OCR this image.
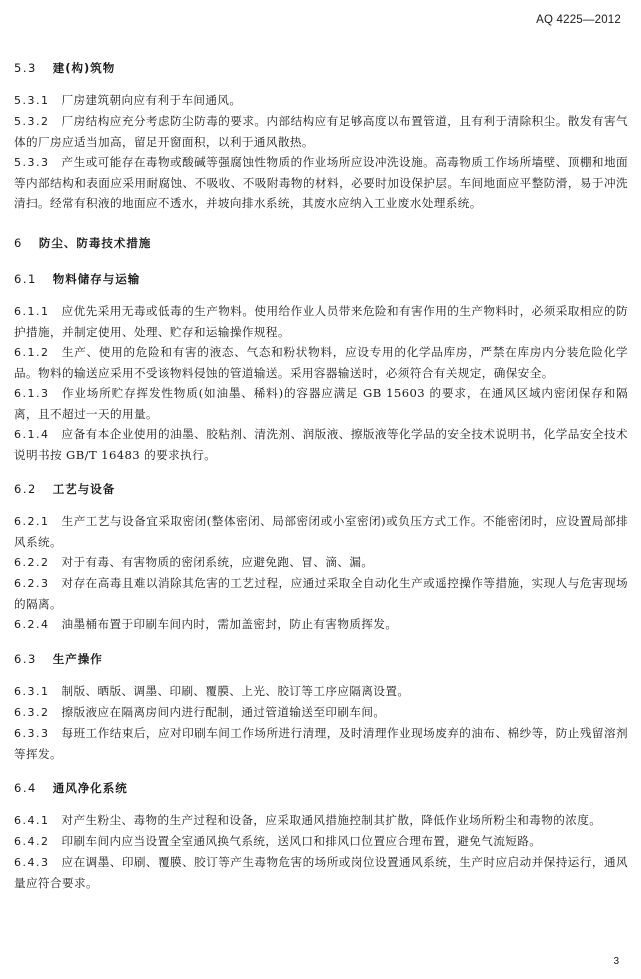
AQ 4225—2012
5.3 建(构)筑物

5.3.1 厂房建筑朝向应有利于车间通风。

5.3.2 厂房结构应充分考虑防尘防毒的要求。内部结构应有足够高度以布置管道，且有利于清除积尘。散发有害气体的厂房应适当加高，留足开窗面积，以利于通风散热。

5.3.3 产生或可能存在毒物或酸碱等强腐蚀性物质的作业场所应设冲洗设施。高毒物质工作场所墙壁、顶棚和地面等内部结构和表面应采用耐腐蚀、不吸收、不吸附毒物的材料，必要时加设保护层。车间地面应平整防滑，易于冲洗清扫。经常有积液的地面应不透水，并坡向排水系统，其废水应纳入工业废水处理系统。

6 防尘、防毒技术措施
6.1 物料储存与运输

6.1.1 应优先采用无毒或低毒的生产物料。使用给作业人员带来危险和有害作用的生产物料时，必须采取相应的防护措施，并制定使用、处理、贮存和运输操作规程。

6.1.2 生产、使用的危险和有害的液态、气态和粉状物料，应设专用的化学品库房，严禁在库房内分装危险化学品。物料的输送应采用不受该物料侵蚀的管道输送。采用容器输送时，必须符合有关规定，确保安全。

6.1.3 作业场所贮存挥发性物质(如油墨、稀料)的容器应满足 GB 15603 的要求，在通风区域内密闭保存和隔离，且不超过一天的用量。

6.1.4 应备有本企业使用的油墨、胶粘剂、清洗剂、润版液、擦版液等化学品的安全技术说明书，化学品安全技术说明书按 GB/T 16483 的要求执行。

6.2 工艺与设备

6.2.1 生产工艺与设备宜采取密闭(整体密闭、局部密闭或小室密闭)或负压方式工作。不能密闭时，应设置局部排风系统。

6.2.2 对于有毒、有害物质的密闭系统，应避免跑、冒、滴、漏。

6.2.3 对存在高毒且难以消除其危害的工艺过程，应通过采取全自动化生产或遥控操作等措施，实现人与危害现场的隔离。

6.2.4 油墨桶布置于印刷车间内时，需加盖密封，防止有害物质挥发。

6.3 生产操作

6.3.1 制版、晒版、调墨、印刷、覆膜、上光、胶订等工序应隔离设置。

6.3.2 擦版液应在隔离房间内进行配制，通过管道输送至印刷车间。

6.3.3 每班工作结束后，应对印刷车间工作场所进行清理，及时清理作业现场废弃的油布、棉纱等，防止残留溶剂等挥发。

6.4 通风净化系统

6.4.1 对产生粉尘、毒物的生产过程和设备，应采取通风措施控制其扩散，降低作业场所粉尘和毒物的浓度。

6.4.2 印刷车间内应当设置全室通风换气系统，送风口和排风口位置应合理布置，避免气流短路。

6.4.3 应在调墨、印刷、覆膜、胶订等产生毒物危害的场所或岗位设置通风系统，生产时应启动并保持运行，通风量应符合要求。

3
